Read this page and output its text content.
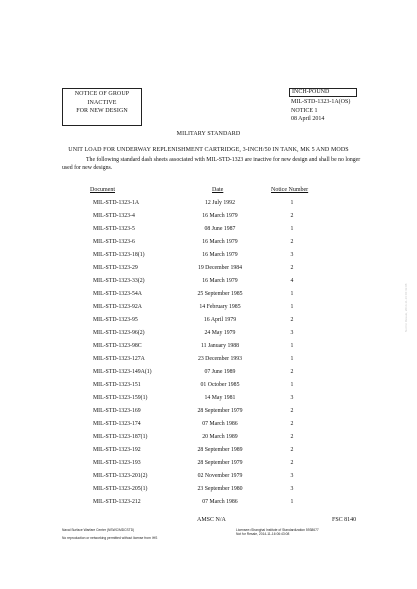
NOTICE OF GROUP
INACTIVE
FOR NEW DESIGN
INCH-POUND
MIL-STD-1323-1A(OS)
NOTICE 1
08 April 2014
MILITARY STANDARD
UNIT LOAD FOR UNDERWAY REPLENISHMENT CARTRIDGE, 3-INCH/50 IN TANK, MK 5 AND MODS
The following standard dash sheets associated with MIL-STD-1323 are inactive for new design and shall be no longer used for new designs.
Document	Date	Notice Number
MIL-STD-1323-1A	12 July 1992	1
MIL-STD-1323-4	16 March 1979	2
MIL-STD-1323-5	08 June 1987	1
MIL-STD-1323-6	16 March 1979	2
MIL-STD-1323-18(1)	16 March 1979	3
MIL-STD-1323-29	19 December 1984	2
MIL-STD-1323-33(2)	16 March 1979	4
MIL-STD-1323-54A	25 September 1985	1
MIL-STD-1323-92A	14 February 1985	1
MIL-STD-1323-95	16 April 1979	2
MIL-STD-1323-96(2)	24 May 1979	3
MIL-STD-1323-98C	11 January 1988	1
MIL-STD-1323-127A	23 December 1993	1
MIL-STD-1323-149A(1)	07 June 1989	2
MIL-STD-1323-151	01 October 1985	1
MIL-STD-1323-159(1)	14 May 1981	3
MIL-STD-1323-169	28 September 1979	2
MIL-STD-1323-174	07 March 1986	2
MIL-STD-1323-187(1)	20 March 1989	2
MIL-STD-1323-192	28 September 1989	2
MIL-STD-1323-193	28 September 1979	2
MIL-STD-1323-201(2)	02 November 1979	3
MIL-STD-1323-205(1)	23 September 1980	3
MIL-STD-1323-212	07 March 1986	1
Not for Resale, 2014-11-16 06:43:08
AMSC N/A	FSC 8140
Naval Surface Warfare Center (NSWC/MDCSTD)
No reproduction or networking permitted without license from IHS
Licensee=Shanghai Institute of Standardization 5938677
Not for Resale, 2014-11-16 06:43:08
